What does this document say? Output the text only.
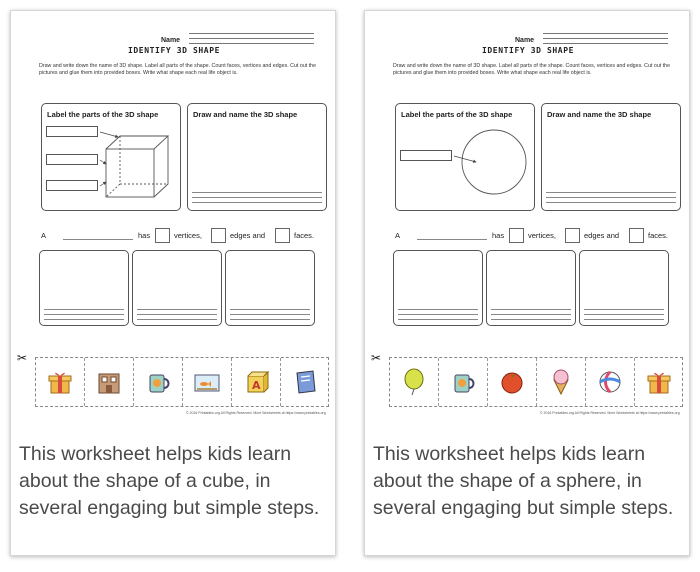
Name
IDENTIFY 3D SHAPE
Draw and write down the name of 3D shape. Label all parts of the shape. Count faces, vertices and edges. Cut out the pictures and glue them into provided boxes. Write what shape each real life object is.
Label the parts of the 3D shape	Draw and name the 3D shape
A	has	vertices,	edges and	faces.
✂
A
© 2016 Printables.org All Rights Reserved. More Worksheets at https://www.printables.org
This worksheet helps kids learn about the shape of a cube, in several engaging but simple steps.
Name
IDENTIFY 3D SHAPE
Draw and write down the name of 3D shape. Label all parts of the shape. Count faces, vertices and edges. Cut out the pictures and glue them into provided boxes. Write what shape each real life object is.
Label the parts of the 3D shape	Draw and name the 3D shape
A	has	vertices,	edges and	faces.
✂
© 2016 Printables.org All Rights Reserved. More Worksheets at https://www.printables.org
This worksheet helps kids learn about the shape of a sphere, in several engaging but simple steps.
